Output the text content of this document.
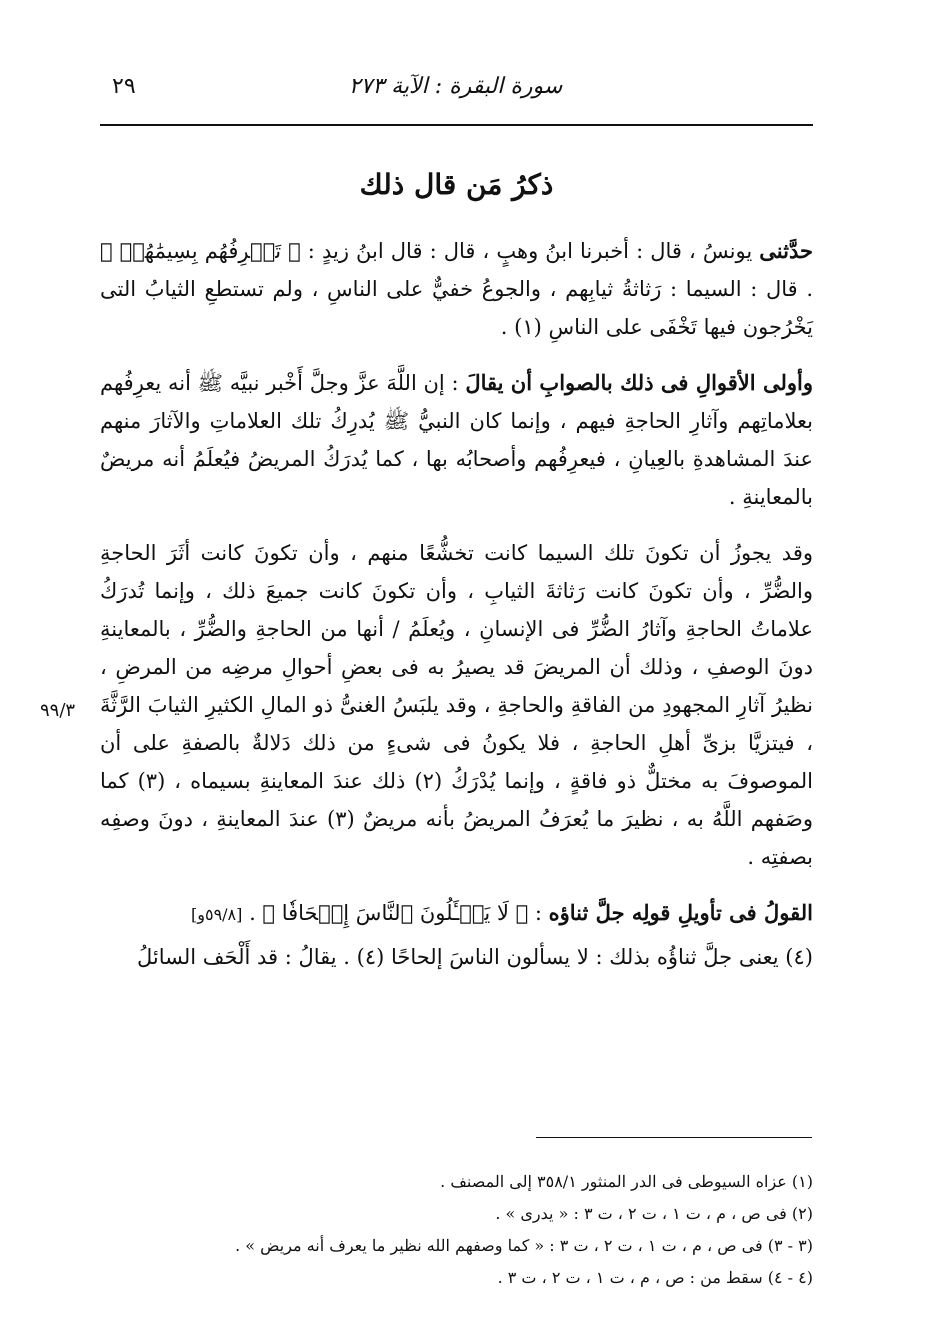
٢٩	سورة البقرة : الآية ٢٧٣
ذكرُ مَن قال ذلك

حدَّثنى يونسُ ، قال : أخبرنا ابنُ وهبٍ ، قال : قال ابنُ زيدٍ : ﴿ تَعۡرِفُهُم بِسِيمَٰهُمۡ ﴾ . قال : السيما : رَثاثةُ ثيابِهم ، والجوعُ خفيٌّ على الناسِ ، ولم تستطعِ الثيابُ التى يَخْرُجون فيها تَخْفَى على الناسِ (١) .

وأولى الأقوالِ فى ذلك بالصوابِ أن يقالَ : إن اللَّهَ عزَّ وجلَّ أَخْبر نبيَّه ﷺ أنه يعرِفُهم بعلاماتِهم وآثارِ الحاجةِ فيهم ، وإنما كان النبيُّ ﷺ يُدرِكُ تلك العلاماتِ والآثارَ منهم عندَ المشاهدةِ بالعِيانِ ، فيعرِفُهم وأصحابُه بها ، كما يُدرَكُ المريضُ فيُعلَمُ أنه مريضٌ بالمعاينةِ .

وقد يجوزُ أن تكونَ تلك السيما كانت تخشُّعًا منهم ، وأن تكونَ كانت أثَرَ الحاجةِ والضُّرِّ ، وأن تكونَ كانت رَثاثةَ الثيابِ ، وأن تكونَ كانت جميعَ ذلك ، وإنما تُدرَكُ علاماتُ الحاجةِ وآثارُ الضُّرِّ فى الإنسانِ ، ويُعلَمُ / أنها من الحاجةِ والضُّرِّ ، بالمعاينةِ دونَ الوصفِ ، وذلك أن المريضَ قد يصيرُ به فى بعضِ أحوالِ مرضِه من المرضِ ، نظيرُ آثارِ المجهودِ من الفاقةِ والحاجةِ ، وقد يلبَسُ الغنىُّ ذو المالِ الكثيرِ الثيابَ الرَّثَّةَ ، فيتزيَّا بزىِّ أهلِ الحاجةِ ، فلا يكونُ فى شىءٍ من ذلك دَلالةٌ بالصفةِ على أن الموصوفَ به مختلٌّ ذو فاقةٍ ، وإنما يُدْرَكُ (٢) ذلك عندَ المعاينةِ بسيماه ، (٣) كما وصَفهم اللَّهُ به ، نظيرَ ما يُعرَفُ المريضُ بأنه مريضٌ (٣) عندَ المعاينةِ ، دونَ وصفِه بصفتِه .

القولُ فى تأويلِ قولِه جلَّ ثناؤه : ﴿ لَا يَسۡـَٔلُونَ ٱلنَّاسَ إِلۡحَافٗا ﴾ . [٥٩/٨و]

(٤) يعنى جلَّ ثناؤُه بذلك : لا يسألون الناسَ إلحاحًا (٤) . يقالُ : قد أَلْحَف السائلُ

٩٩/٣
(١) عزاه السيوطى فى الدر المنثور ٣٥٨/١ إلى المصنف .
(٢) فى ص ، م ، ت ١ ، ت ٢ ، ت ٣ : « يدرى » .
(٣ - ٣) فى ص ، م ، ت ١ ، ت ٢ ، ت ٣ : « كما وصفهم الله نظير ما يعرف أنه مريض » .
(٤ - ٤) سقط من : ص ، م ، ت ١ ، ت ٢ ، ت ٣ .
